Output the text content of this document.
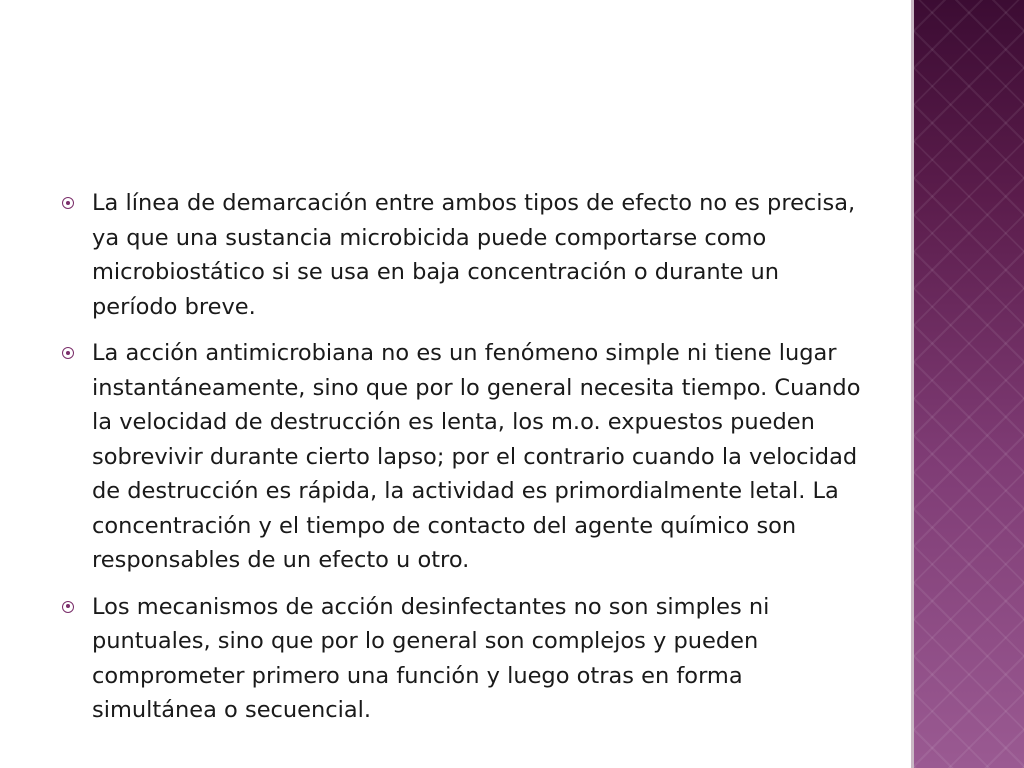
La línea de demarcación entre ambos tipos de efecto no es precisa, ya que una sustancia microbicida puede comportarse como microbiostático si se usa en baja concentración o durante un período breve.
La acción antimicrobiana no es un fenómeno simple ni tiene lugar instantáneamente, sino que por lo general necesita tiempo. Cuando la velocidad de destrucción es lenta, los m.o. expuestos pueden sobrevivir durante cierto lapso; por el contrario cuando la velocidad de destrucción es rápida, la actividad es primordialmente letal. La concentración y el tiempo de contacto del agente químico son responsables de un efecto u otro.
Los mecanismos de acción desinfectantes no son simples ni puntuales, sino que por lo general son complejos y pueden comprometer primero una función y luego otras en forma simultánea o secuencial.
